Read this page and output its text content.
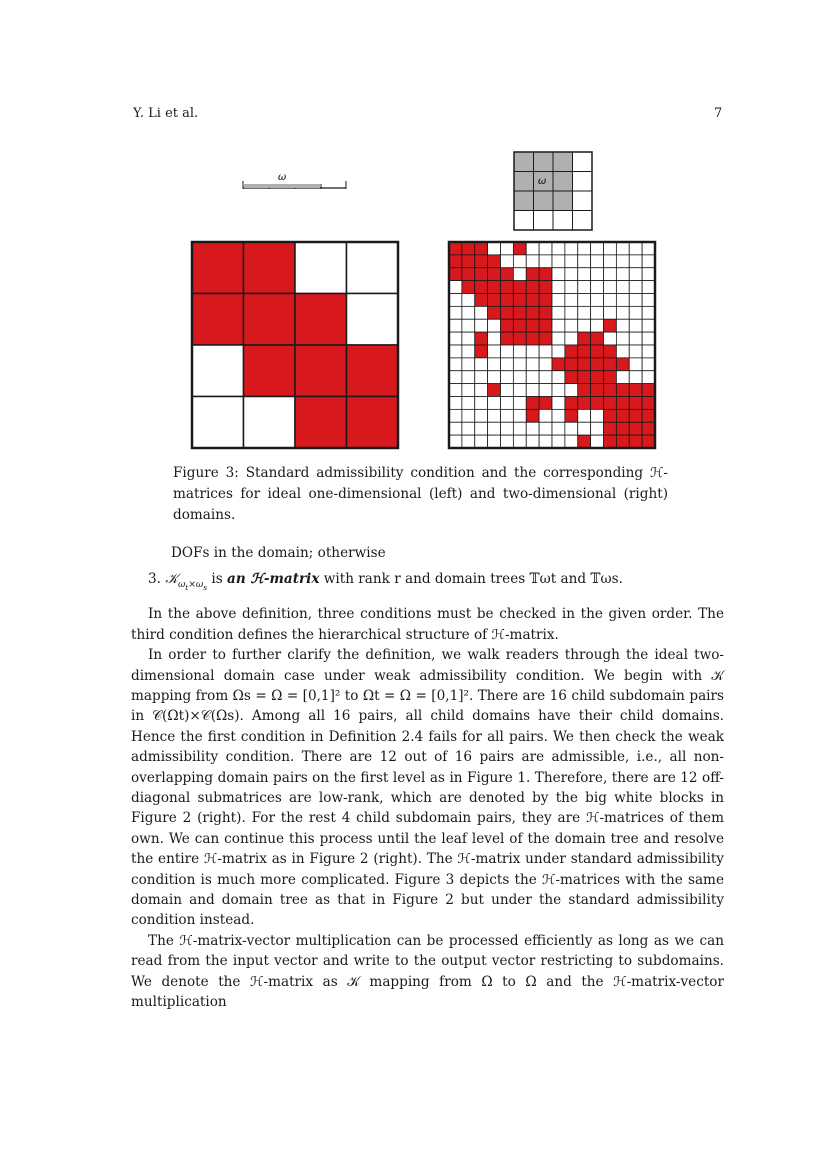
Y. Li et al.	7
ω	ω
Figure 3: Standard admissibility condition and the corresponding ℋ-matrices for ideal one-dimensional (left) and two-dimensional (right) domains.

DOFs in the domain; otherwise

3. 𝒦$_{\omega_t\times\omega_s}$ is an ℋ-matrix with rank r and domain trees 𝕋ωt and 𝕋ωs.

In the above definition, three conditions must be checked in the given order. The third condition defines the hierarchical structure of ℋ-matrix.

In order to further clarify the definition, we walk readers through the ideal two-dimensional domain case under weak admissibility condition. We begin with 𝒦 mapping from Ωs = Ω = [0,1]² to Ωt = Ω = [0,1]². There are 16 child subdomain pairs in 𝒞(Ωt)×𝒞(Ωs). Among all 16 pairs, all child domains have their child domains. Hence the first condition in Definition 2.4 fails for all pairs. We then check the weak admissibility condition. There are 12 out of 16 pairs are admissible, i.e., all non-overlapping domain pairs on the first level as in Figure 1. Therefore, there are 12 off-diagonal submatrices are low-rank, which are denoted by the big white blocks in Figure 2 (right). For the rest 4 child subdomain pairs, they are ℋ-matrices of them own. We can continue this process until the leaf level of the domain tree and resolve the entire ℋ-matrix as in Figure 2 (right). The ℋ-matrix under standard admissibility condition is much more complicated. Figure 3 depicts the ℋ-matrices with the same domain and domain tree as that in Figure 2 but under the standard admissibility condition instead.

The ℋ-matrix-vector multiplication can be processed efficiently as long as we can read from the input vector and write to the output vector restricting to subdomains. We denote the ℋ-matrix as 𝒦 mapping from Ω to Ω and the ℋ-matrix-vector multiplication
